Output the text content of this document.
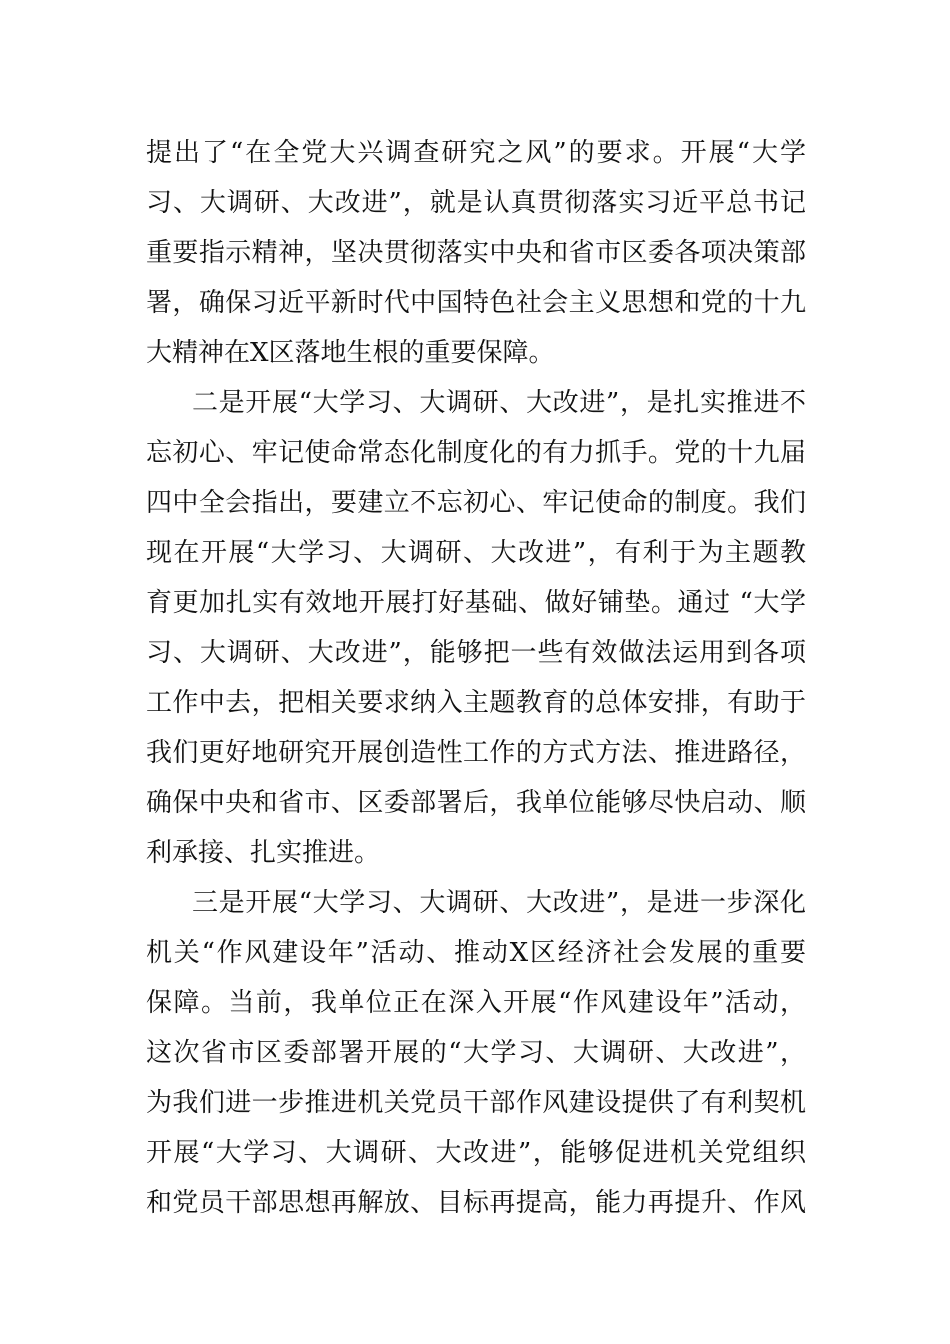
提出了“在全党大兴调查研究之风”的要求。开展“大学
习、大调研、大改进”，就是认真贯彻落实习近平总书记
重要指示精神，坚决贯彻落实中央和省市区委各项决策部
署，确保习近平新时代中国特色社会主义思想和党的十九
大精神在X区落地生根的重要保障。
二是开展“大学习、大调研、大改进”，是扎实推进不
忘初心、牢记使命常态化制度化的有力抓手。党的十九届
四中全会指出，要建立不忘初心、牢记使命的制度。我们
现在开展“大学习、大调研、大改进”，有利于为主题教
育更加扎实有效地开展打好基础、做好铺垫。通过 “大学
习、大调研、大改进”，能够把一些有效做法运用到各项
工作中去，把相关要求纳入主题教育的总体安排，有助于
我们更好地研究开展创造性工作的方式方法、推进路径，
确保中央和省市、区委部署后，我单位能够尽快启动、顺
利承接、扎实推进。
三是开展“大学习、大调研、大改进”，是进一步深化
机关“作风建设年”活动、推动X区经济社会发展的重要
保障。当前，我单位正在深入开展“作风建设年”活动，
这次省市区委部署开展的“大学习、大调研、大改进”，
为我们进一步推进机关党员干部作风建设提供了有利契机
开展“大学习、大调研、大改进”，能够促进机关党组织
和党员干部思想再解放、目标再提高，能力再提升、作风
